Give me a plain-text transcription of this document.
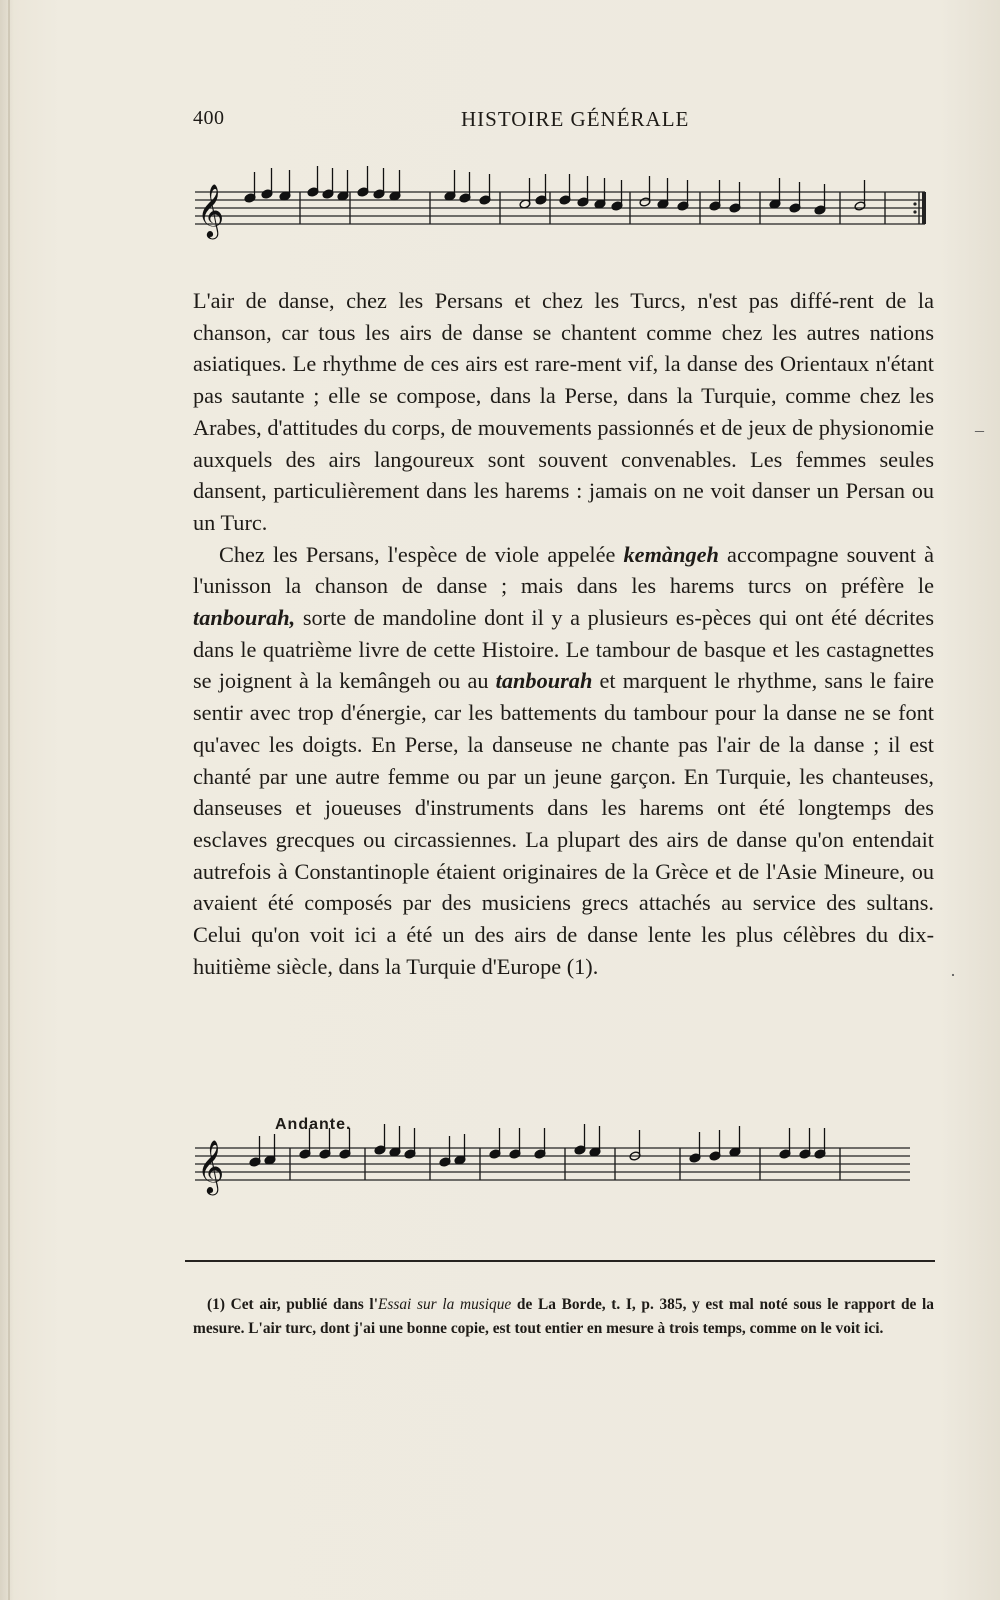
400	HISTOIRE GÉNÉRALE
𝄞

L'air de danse, chez les Persans et chez les Turcs, n'est pas diffé-rent de la chanson, car tous les airs de danse se chantent comme chez les autres nations asiatiques. Le rhythme de ces airs est rare-ment vif, la danse des Orientaux n'étant pas sautante ; elle se compose, dans la Perse, dans la Turquie, comme chez les Arabes, d'attitudes du corps, de mouvements passionnés et de jeux de physionomie auxquels des airs langoureux sont souvent convenables. Les femmes seules dansent, particulièrement dans les harems : jamais on ne voit danser un Persan ou un Turc.

Chez les Persans, l'espèce de viole appelée kemàngeh accompagne souvent à l'unisson la chanson de danse ; mais dans les harems turcs on préfère le tanbourah, sorte de mandoline dont il y a plusieurs es-pèces qui ont été décrites dans le quatrième livre de cette Histoire. Le tambour de basque et les castagnettes se joignent à la kemângeh ou au tanbourah et marquent le rhythme, sans le faire sentir avec trop d'énergie, car les battements du tambour pour la danse ne se font qu'avec les doigts. En Perse, la danseuse ne chante pas l'air de la danse ; il est chanté par une autre femme ou par un jeune garçon. En Turquie, les chanteuses, danseuses et joueuses d'instruments dans les harems ont été longtemps des esclaves grecques ou circassiennes. La plupart des airs de danse qu'on entendait autrefois à Constantinople étaient originaires de la Grèce et de l'Asie Mineure, ou avaient été composés par des musiciens grecs attachés au service des sultans. Celui qu'on voit ici a été un des airs de danse lente les plus célèbres du dix-huitième siècle, dans la Turquie d'Europe (1).

Andante.
𝄞
(1) Cet air, publié dans l'Essai sur la musique de La Borde, t. I, p. 385, y est mal noté sous le rapport de la mesure. L'air turc, dont j'ai une bonne copie, est tout entier en mesure à trois temps, comme on le voit ici.
–
·
